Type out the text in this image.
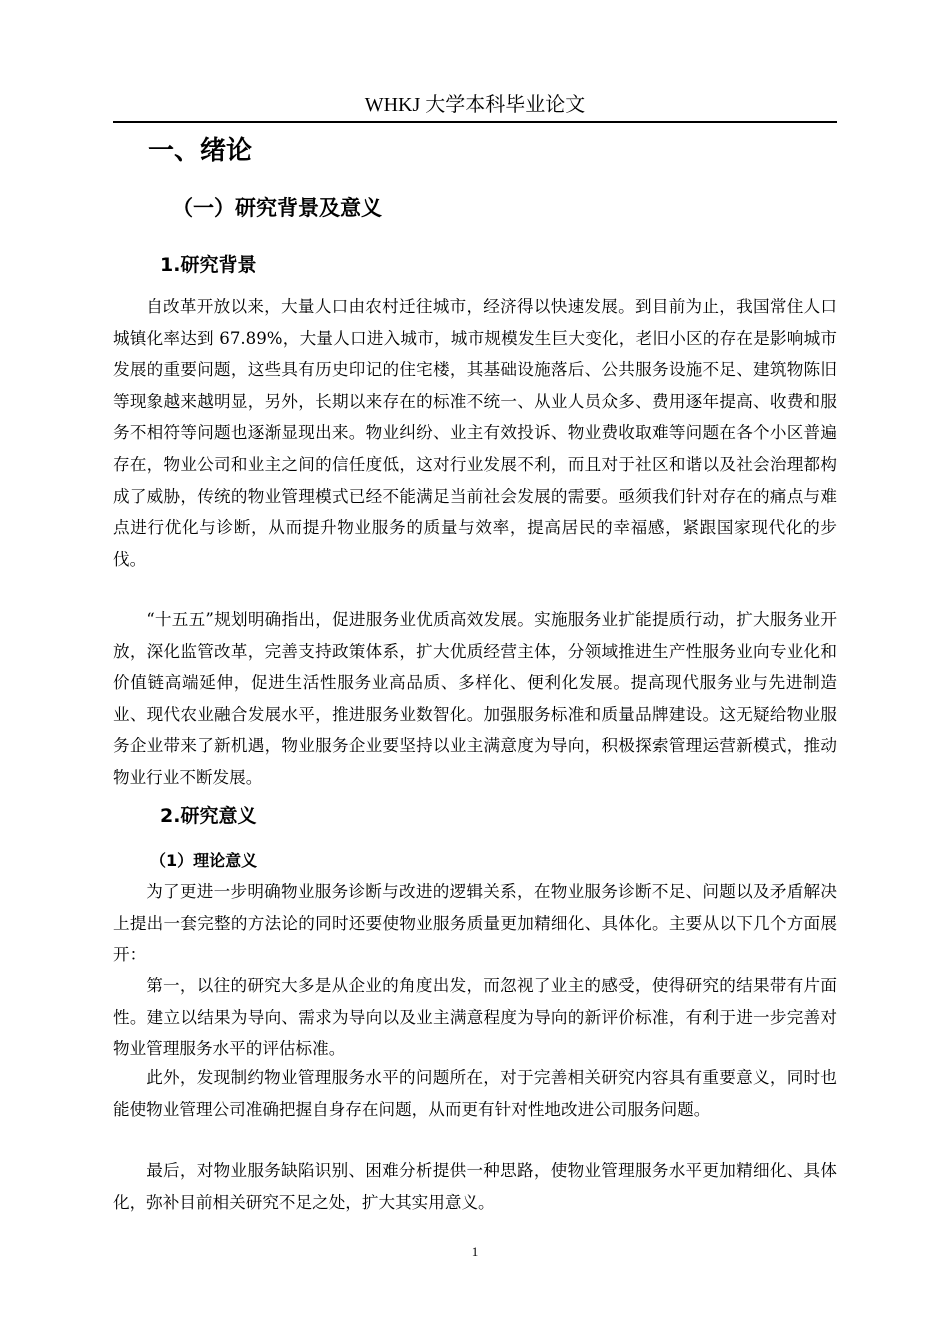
WHKJ 大学本科毕业论文
一、绪论
（一）研究背景及意义
1.研究背景

自改革开放以来，大量人口由农村迁往城市，经济得以快速发展。到目前为止，我国常住人口城镇化率达到 67.89%，大量人口进入城市，城市规模发生巨大变化，老旧小区的存在是影响城市发展的重要问题，这些具有历史印记的住宅楼，其基础设施落后、公共服务设施不足、建筑物陈旧等现象越来越明显，另外，长期以来存在的标准不统一、从业人员众多、费用逐年提高、收费和服务不相符等问题也逐渐显现出来。物业纠纷、业主有效投诉、物业费收取难等问题在各个小区普遍存在，物业公司和业主之间的信任度低，这对行业发展不利，而且对于社区和谐以及社会治理都构成了威胁，传统的物业管理模式已经不能满足当前社会发展的需要。亟须我们针对存在的痛点与难点进行优化与诊断，从而提升物业服务的质量与效率，提高居民的幸福感，紧跟国家现代化的步伐。

“十五五”规划明确指出，促进服务业优质高效发展。实施服务业扩能提质行动，扩大服务业开放，深化监管改革，完善支持政策体系，扩大优质经营主体，分领域推进生产性服务业向专业化和价值链高端延伸，促进生活性服务业高品质、多样化、便利化发展。提高现代服务业与先进制造业、现代农业融合发展水平，推进服务业数智化。加强服务标准和质量品牌建设。这无疑给物业服务企业带来了新机遇，物业服务企业要坚持以业主满意度为导向，积极探索管理运营新模式，推动物业行业不断发展。

2.研究意义
（1）理论意义

为了更进一步明确物业服务诊断与改进的逻辑关系，在物业服务诊断不足、问题以及矛盾解决上提出一套完整的方法论的同时还要使物业服务质量更加精细化、具体化。主要从以下几个方面展开：

第一，以往的研究大多是从企业的角度出发，而忽视了业主的感受，使得研究的结果带有片面性。建立以结果为导向、需求为导向以及业主满意程度为导向的新评价标准，有利于进一步完善对物业管理服务水平的评估标准。

此外，发现制约物业管理服务水平的问题所在，对于完善相关研究内容具有重要意义，同时也能使物业管理公司准确把握自身存在问题，从而更有针对性地改进公司服务问题。

最后，对物业服务缺陷识别、困难分析提供一种思路，使物业管理服务水平更加精细化、具体化，弥补目前相关研究不足之处，扩大其实用意义。

1
